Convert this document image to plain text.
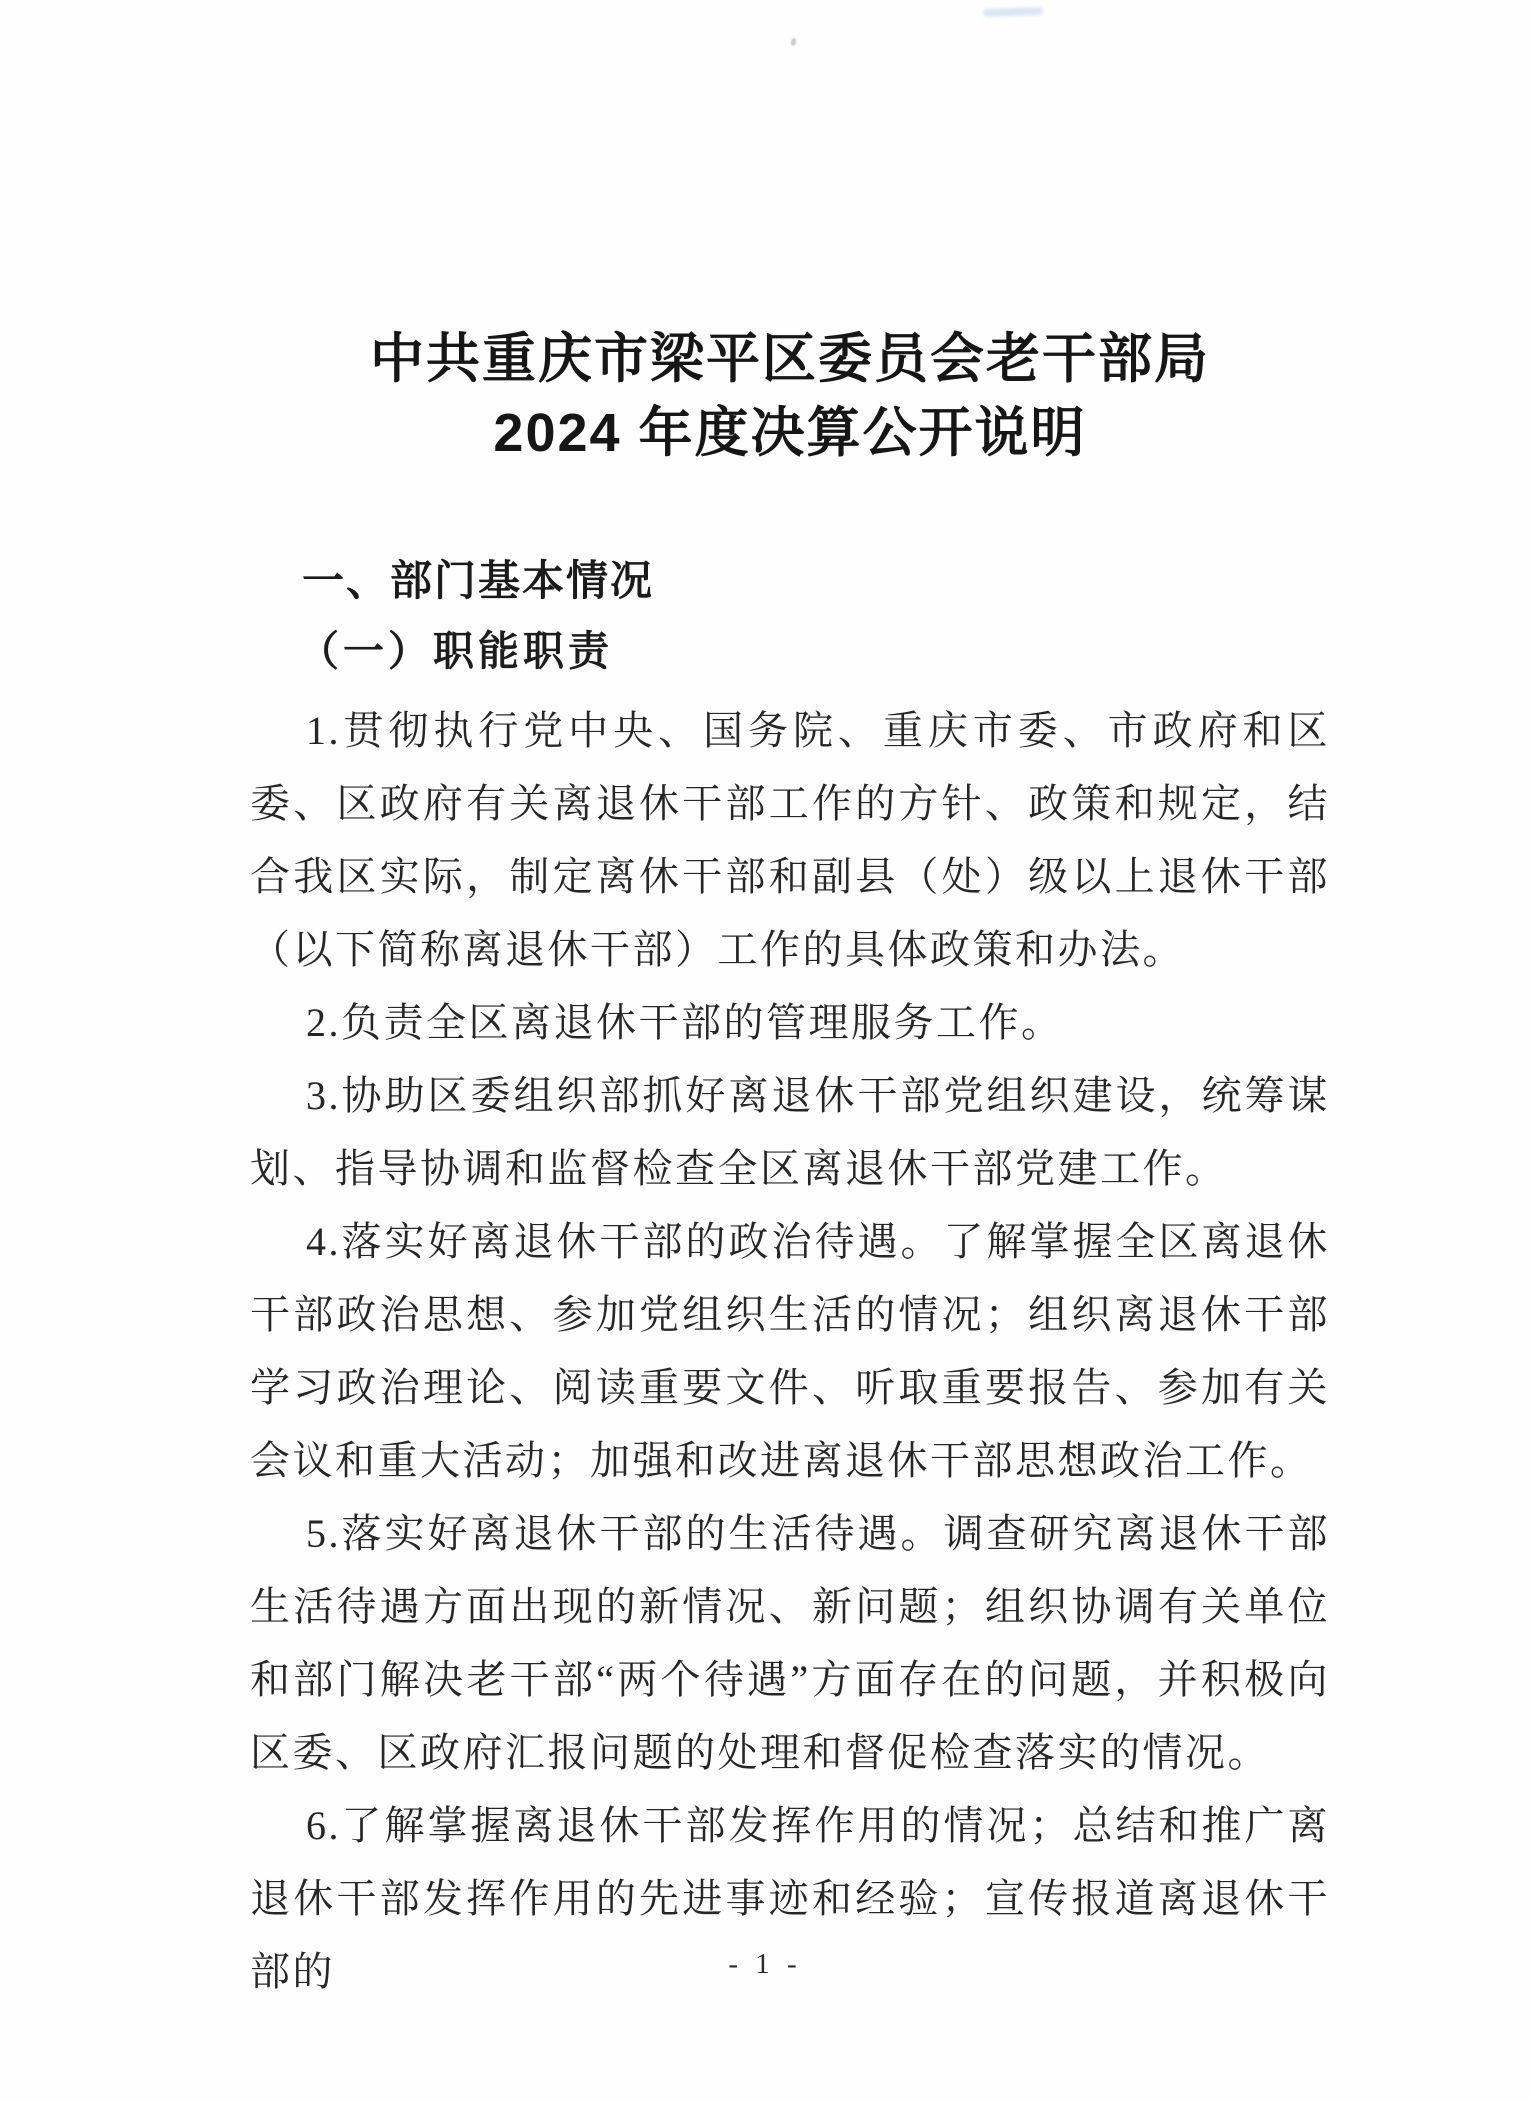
中共重庆市梁平区委员会老干部局
2024 年度决算公开说明
一、部门基本情况
（一）职能职责

1.贯彻执行党中央、国务院、重庆市委、市政府和区委、区政府有关离退休干部工作的方针、政策和规定，结合我区实际，制定离休干部和副县（处）级以上退休干部（以下简称离退休干部）工作的具体政策和办法。

2.负责全区离退休干部的管理服务工作。

3.协助区委组织部抓好离退休干部党组织建设，统筹谋划、指导协调和监督检查全区离退休干部党建工作。

4.落实好离退休干部的政治待遇。了解掌握全区离退休干部政治思想、参加党组织生活的情况；组织离退休干部学习政治理论、阅读重要文件、听取重要报告、参加有关会议和重大活动；加强和改进离退休干部思想政治工作。

5.落实好离退休干部的生活待遇。调查研究离退休干部生活待遇方面出现的新情况、新问题；组织协调有关单位和部门解决老干部“两个待遇”方面存在的问题，并积极向区委、区政府汇报问题的处理和督促检查落实的情况。

6.了解掌握离退休干部发挥作用的情况；总结和推广离退休干部发挥作用的先进事迹和经验；宣传报道离退休干部的	- 1 -
